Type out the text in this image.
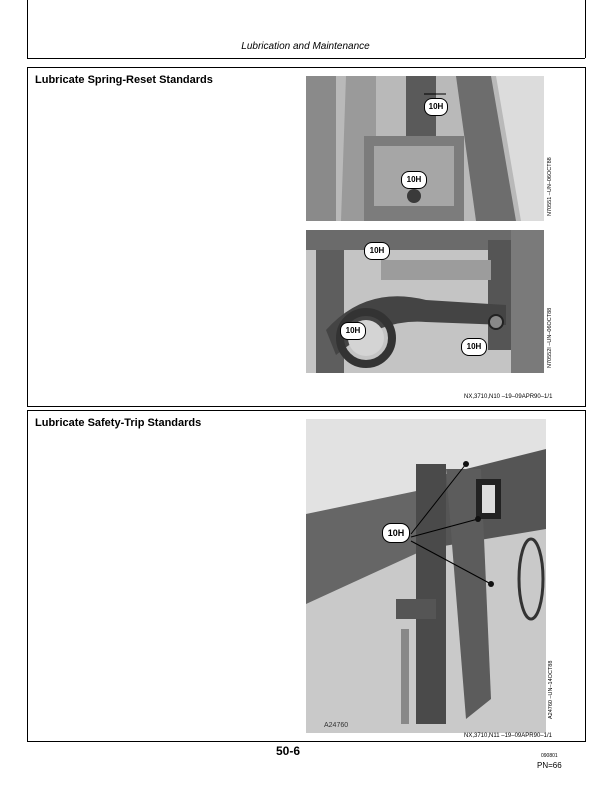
Lubrication and Maintenance
Lubricate Spring-Reset Standards
10H
10H	N70551 –UN–06OCT88
10H
10H
10H	N70552I –UN–06OCT88
NX,3710,N10 –19–09APR90–1/1
Lubricate Safety-Trip Standards
10H
A24760
A24760 –UN–14OCT88
NX,3710,N11 –19–09APR90–1/1
50-6	090801
PN=66
